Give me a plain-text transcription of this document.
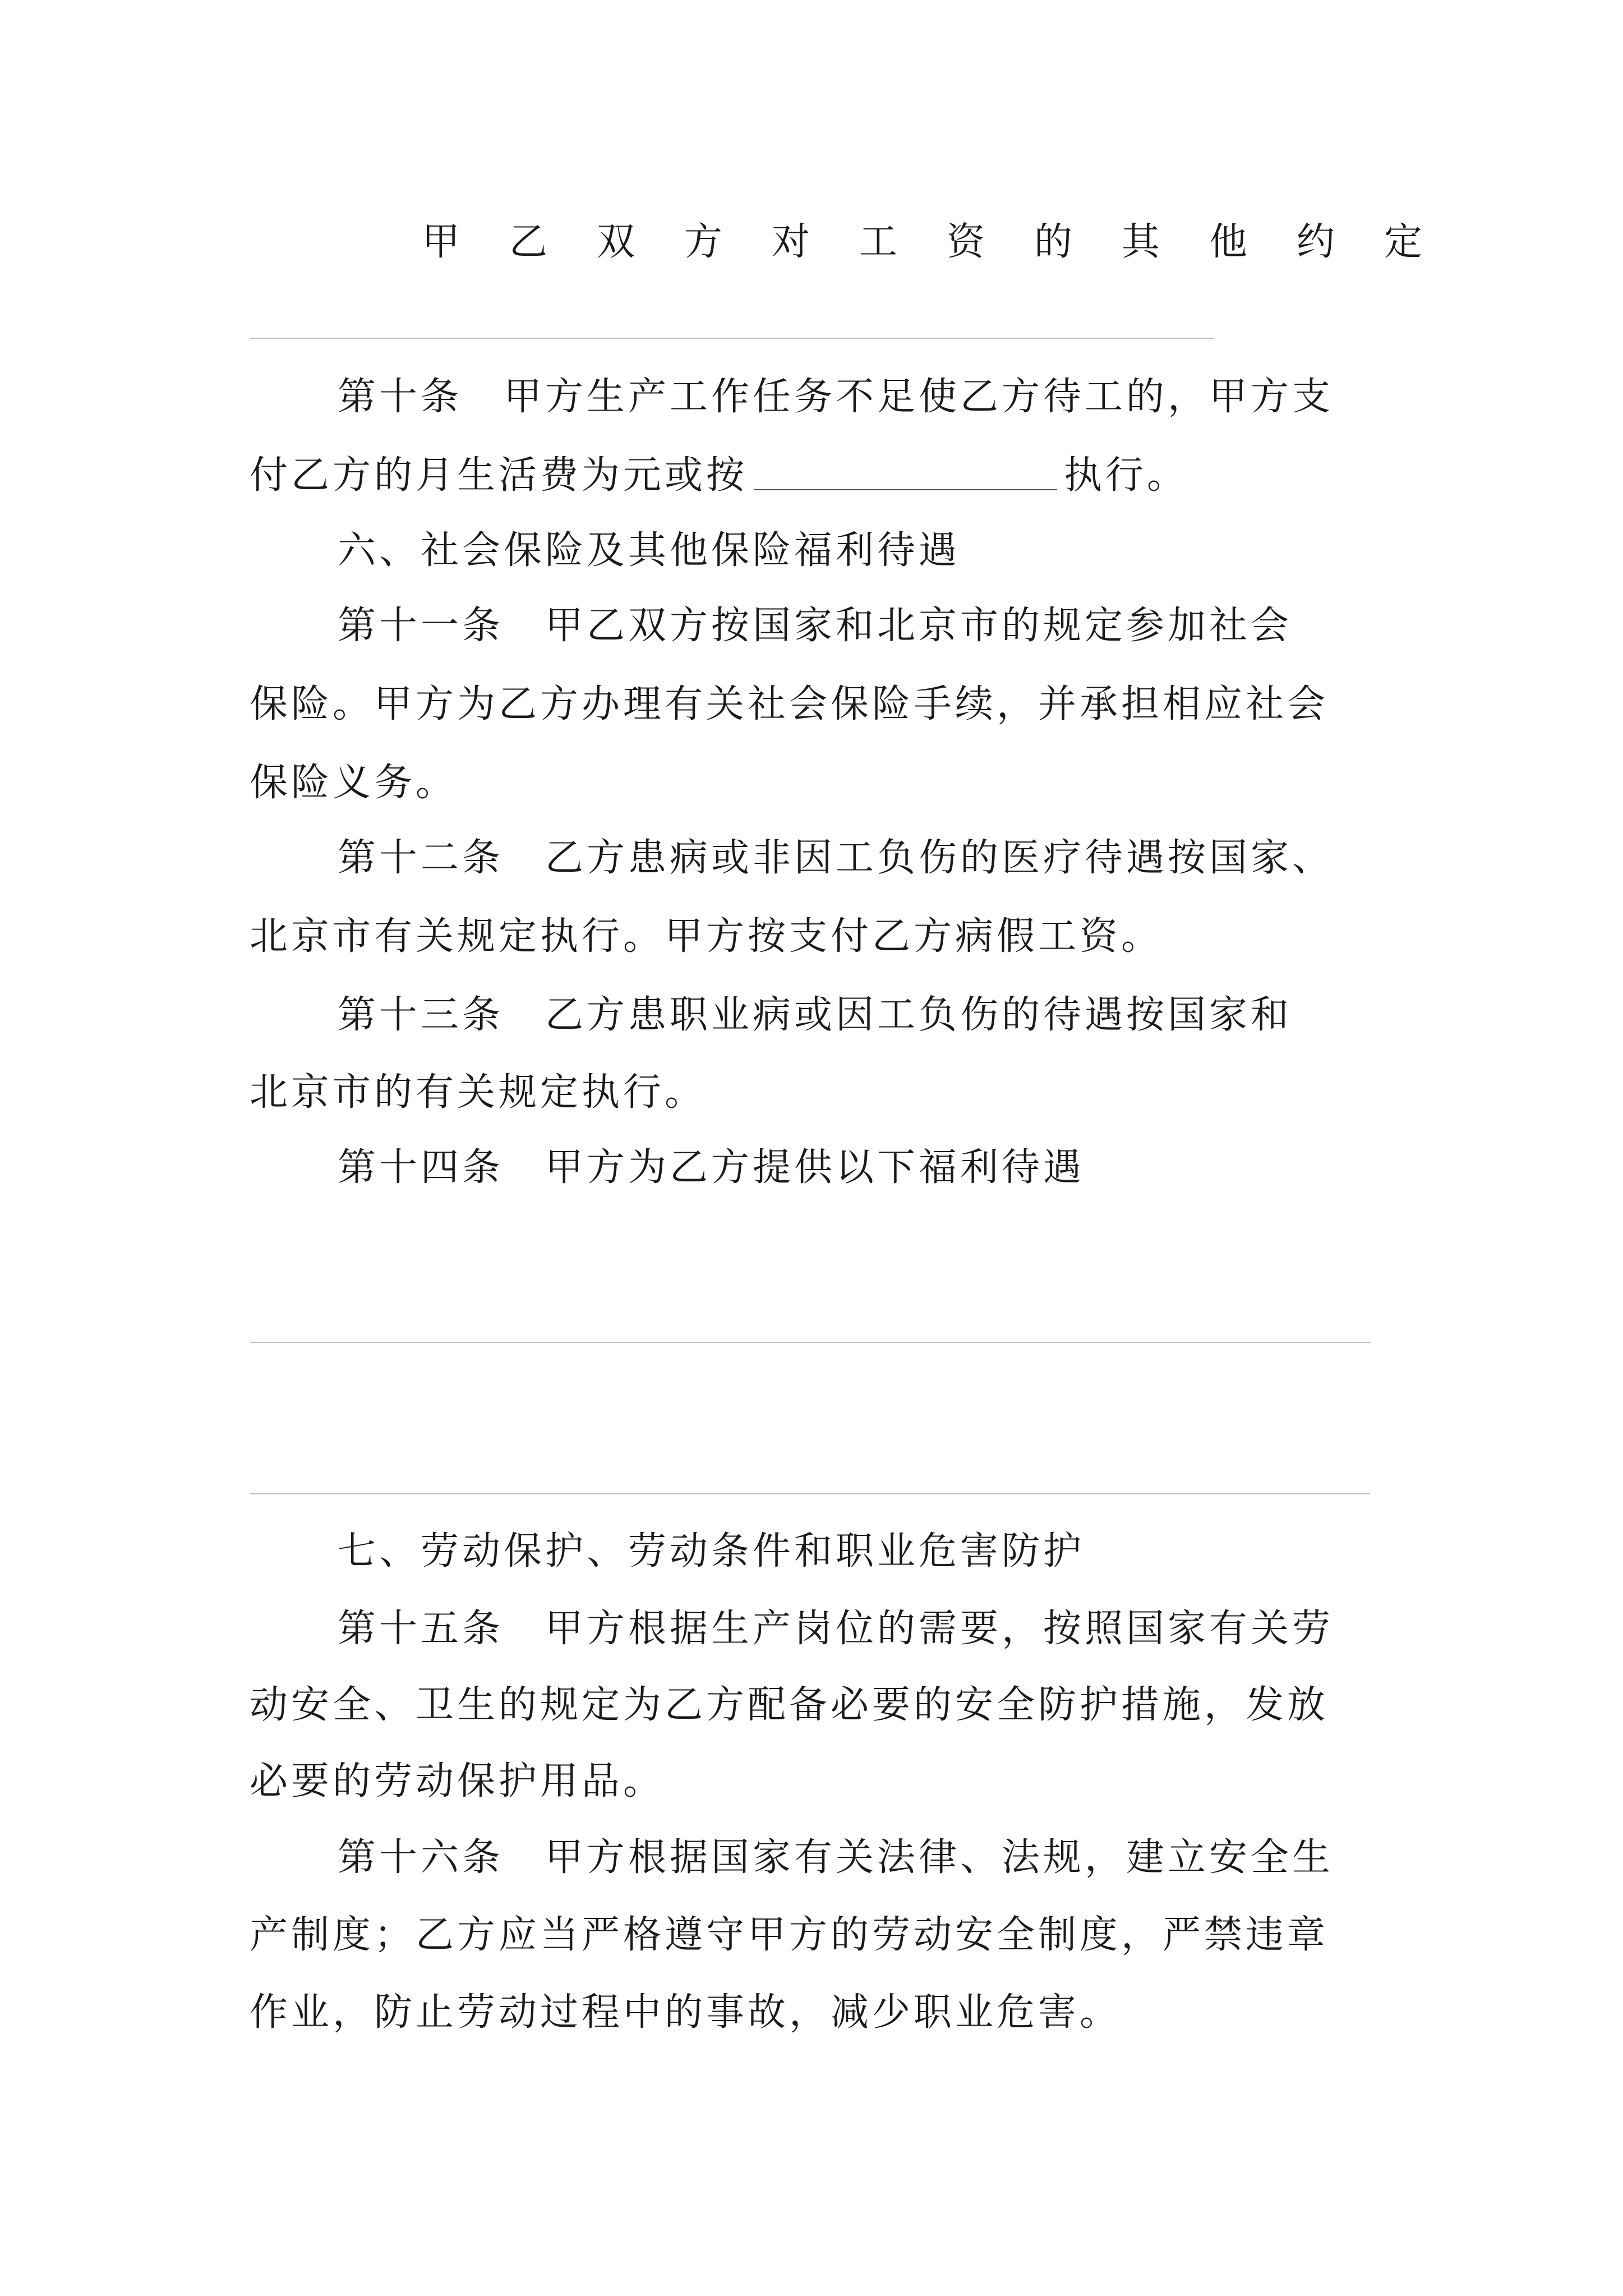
甲乙双方对工资的其他约定
第十条　甲方生产工作任务不足使乙方待工的，甲方支
付乙方的月生活费为元或按	执行。
六、社会保险及其他保险福利待遇
第十一条　甲乙双方按国家和北京市的规定参加社会
保险。甲方为乙方办理有关社会保险手续，并承担相应社会
保险义务。
第十二条　乙方患病或非因工负伤的医疗待遇按国家、
北京市有关规定执行。甲方按支付乙方病假工资。
第十三条　乙方患职业病或因工负伤的待遇按国家和
北京市的有关规定执行。
第十四条　甲方为乙方提供以下福利待遇
七、劳动保护、劳动条件和职业危害防护
第十五条　甲方根据生产岗位的需要，按照国家有关劳
动安全、卫生的规定为乙方配备必要的安全防护措施，发放
必要的劳动保护用品。
第十六条　甲方根据国家有关法律、法规，建立安全生
产制度；乙方应当严格遵守甲方的劳动安全制度，严禁违章
作业，防止劳动过程中的事故，减少职业危害。
